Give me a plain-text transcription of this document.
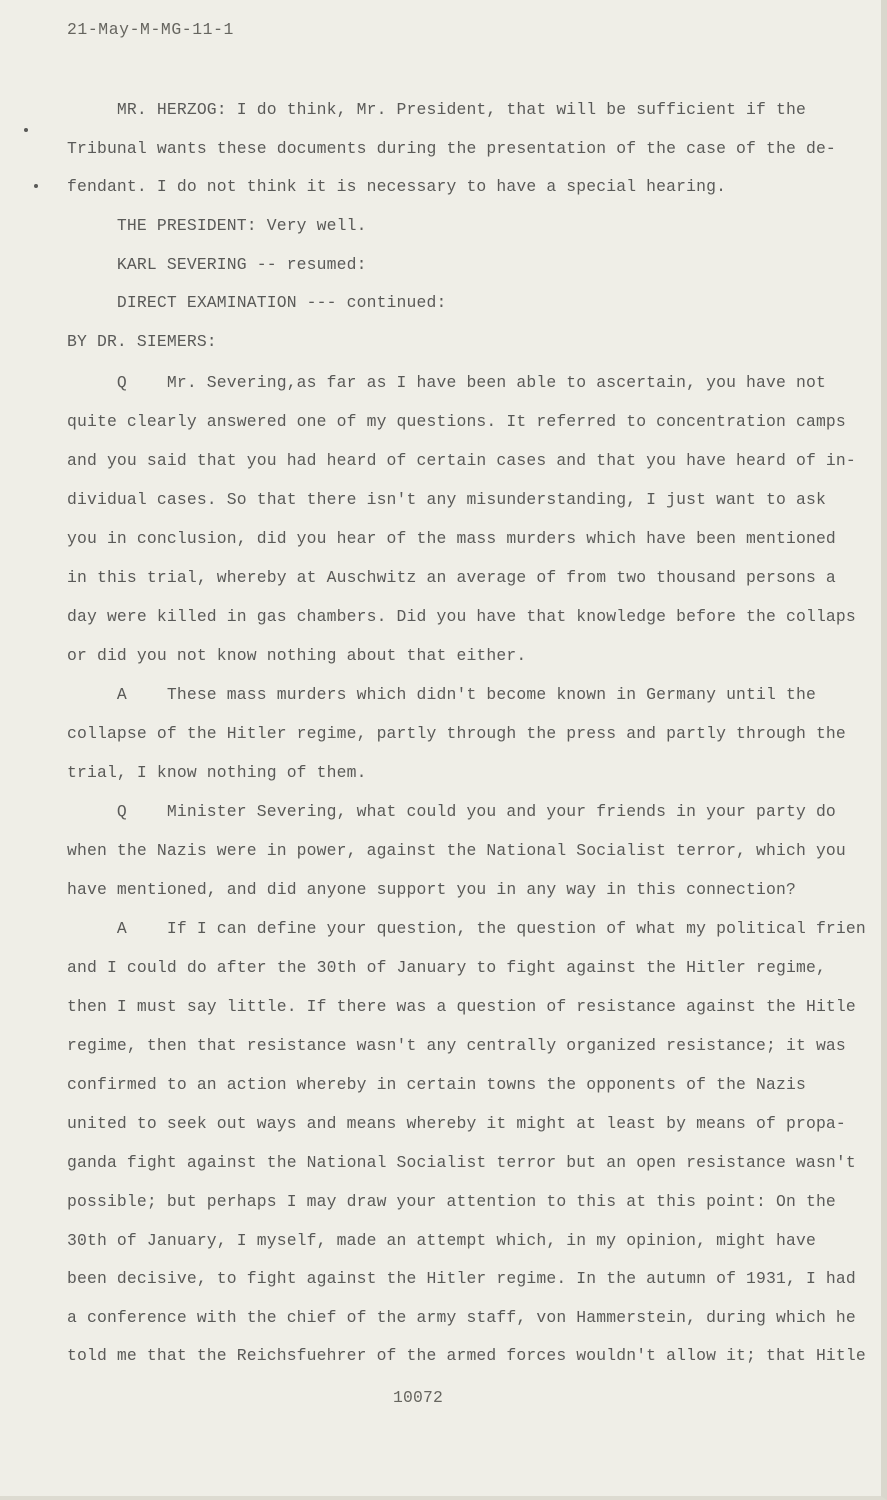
21-May-M-MG-11-1
MR. HERZOG: I do think, Mr. President, that will be sufficient if the
Tribunal wants these documents during the presentation of the case of the de-
fendant. I do not think it is necessary to have a special hearing.
THE PRESIDENT: Very well.
KARL SEVERING -- resumed:
DIRECT EXAMINATION --- continued:
BY DR. SIEMERS:
Q    Mr. Severing,as far as I have been able to ascertain, you have not
quite clearly answered one of my questions. It referred to concentration camps
and you said that you had heard of certain cases and that you have heard of in-
dividual cases. So that there isn't any misunderstanding, I just want to ask
you in conclusion, did you hear of the mass murders which have been mentioned
in this trial, whereby at Auschwitz an average of from two thousand persons a
day were killed in gas chambers. Did you have that knowledge before the collaps
or did you not know nothing about that either.
A    These mass murders which didn't become known in Germany until the
collapse of the Hitler regime, partly through the press and partly through the
trial, I know nothing of them.
Q    Minister Severing, what could you and your friends in your party do
when the Nazis were in power, against the National Socialist terror, which you
have mentioned, and did anyone support you in any way in this connection?
A    If I can define your question, the question of what my political frien
and I could do after the 30th of January to fight against the Hitler regime,
then I must say little. If there was a question of resistance against the Hitle
regime, then that resistance wasn't any centrally organized resistance; it was
confirmed to an action whereby in certain towns the opponents of the Nazis
united to seek out ways and means whereby it might at least by means of propa-
ganda fight against the National Socialist terror but an open resistance wasn't
possible; but perhaps I may draw your attention to this at this point: On the
30th of January, I myself, made an attempt which, in my opinion, might have
been decisive, to fight against the Hitler regime. In the autumn of 1931, I had
a conference with the chief of the army staff, von Hammerstein, during which he
told me that the Reichsfuehrer of the armed forces wouldn't allow it; that Hitle
10072
